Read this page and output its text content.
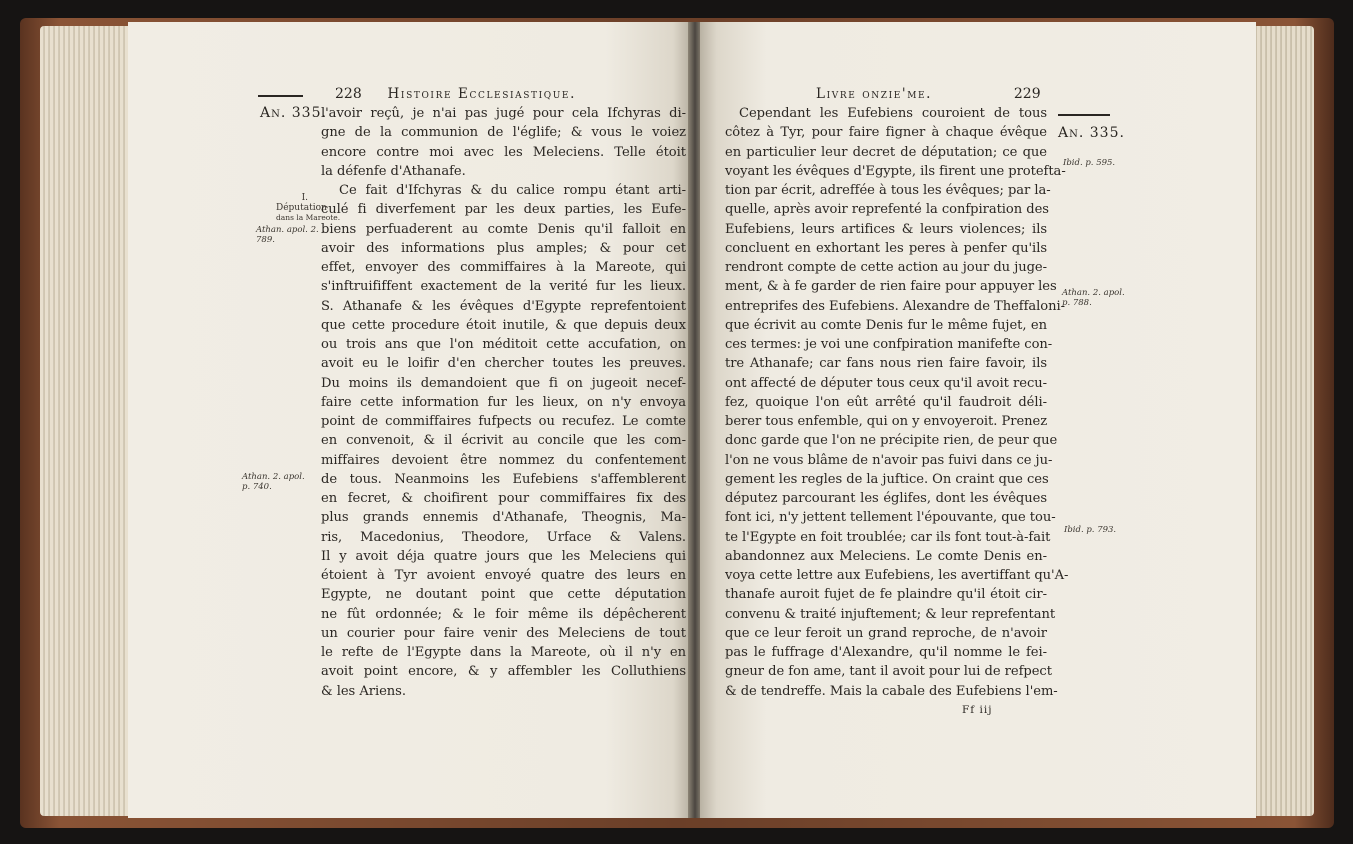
228 Histoire Ecclesiastique.
An. 335.
I.
Députation
dans la Mareote.
Athan. apol. 2.
789.
Athan. 2. apol.
p. 740.
l'avoir reçû, je n'ai pas jugé pour cela Ifchyras di-
gne de la communion de l'églife; & vous le voiez
encore contre moi avec les Meleciens. Telle étoit
la défenfe d'Athanafe.
Ce fait d'Ifchyras & du calice rompu étant arti-
culé fi diverfement par les deux parties, les Eufe-
biens perfuaderent au comte Denis qu'il falloit en
avoir des informations plus amples; & pour cet
effet, envoyer des commiffaires à la Mareote, qui
s'inftruififfent exactement de la verité fur les lieux.
S. Athanafe & les évêques d'Egypte reprefentoient
que cette procedure étoit inutile, & que depuis deux
ou trois ans que l'on méditoit cette accufation, on
avoit eu le loifir d'en chercher toutes les preuves.
Du moins ils demandoient que fi on jugeoit necef-
faire cette information fur les lieux, on n'y envoya
point de commiffaires fufpects ou recufez. Le comte
en convenoit, & il écrivit au concile que les com-
miffaires devoient être nommez du confentement
de tous. Neanmoins les Eufebiens s'affemblerent
en fecret, & choifirent pour commiffaires fix des
plus grands ennemis d'Athanafe, Theognis, Ma-
ris, Macedonius, Theodore, Urface & Valens.
Il y avoit déja quatre jours que les Meleciens qui
étoient à Tyr avoient envoyé quatre des leurs en
Egypte, ne doutant point que cette députation
ne fût ordonnée; & le foir même ils dépêcherent
un courier pour faire venir des Meleciens de tout
le refte de l'Egypte dans la Mareote, où il n'y en
avoit point encore, & y affembler les Colluthiens
& les Ariens.
Livre onzie'me.	229
An. 335.
Ibid. p. 595.
Athan. 2. apol.
p. 788.
Ibid. p. 793.
Cependant les Eufebiens couroient de tous
côtez à Tyr, pour faire figner à chaque évêque
en particulier leur decret de députation; ce que
voyant les évêques d'Egypte, ils firent une protefta-
tion par écrit, adreffée à tous les évêques; par la-
quelle, après avoir reprefenté la confpiration des
Eufebiens, leurs artifices & leurs violences; ils
concluent en exhortant les peres à penfer qu'ils
rendront compte de cette action au jour du juge-
ment, & à fe garder de rien faire pour appuyer les
entreprifes des Eufebiens. Alexandre de Theffaloni-
que écrivit au comte Denis fur le même fujet, en
ces termes: je voi une confpiration manifefte con-
tre Athanafe; car fans nous rien faire favoir, ils
ont affecté de députer tous ceux qu'il avoit recu-
fez, quoique l'on eût arrêté qu'il faudroit déli-
berer tous enfemble, qui on y envoyeroit. Prenez
donc garde que l'on ne précipite rien, de peur que
l'on ne vous blâme de n'avoir pas fuivi dans ce ju-
gement les regles de la juftice. On craint que ces
députez parcourant les églifes, dont les évêques
font ici, n'y jettent tellement l'épouvante, que tou-
te l'Egypte en foit troublée; car ils font tout-à-fait
abandonnez aux Meleciens. Le comte Denis en-
voya cette lettre aux Eufebiens, les avertiffant qu'A-
thanafe auroit fujet de fe plaindre qu'il étoit cir-
convenu & traité injuftement; & leur reprefentant
que ce leur feroit un grand reproche, de n'avoir
pas le fuffrage d'Alexandre, qu'il nomme le fei-
gneur de fon ame, tant il avoit pour lui de refpect
& de tendreffe. Mais la cabale des Eufebiens l'em-
Ff iij
